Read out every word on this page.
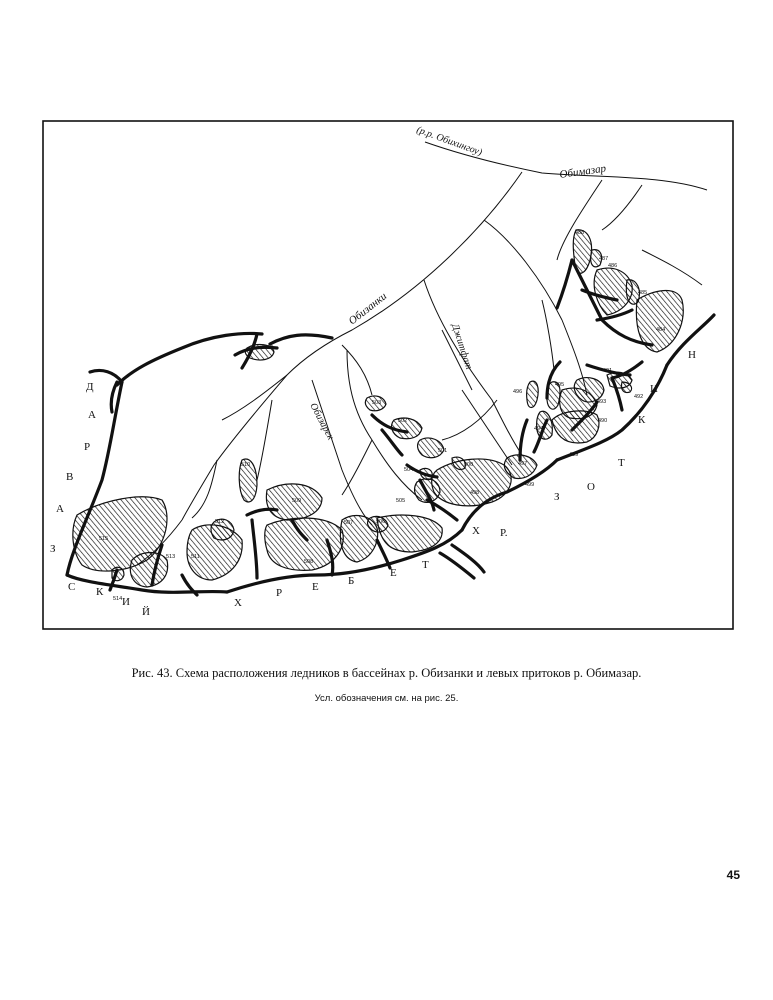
488
487
486
485
484
491
492
493
495
496
494
490
489
497
498
499
500
501
502
503
504
505
506
507
508
509
510
511
512
513
514
515
516
(р.р. Обихингоу)
Обимазар
Обизанки
Джитфат
Обизарек
Д
А
Р
В
А
З
С К
И
Й
Х
Р	Е	Б
Е
Т
Х Р.
З
О
Т
К
И
Н
Рис. 43. Схема расположения ледников в бассейнах р. Обизанки и левых притоков р. Обимазар.
Усл. обозначения см. на рис. 25.
45
